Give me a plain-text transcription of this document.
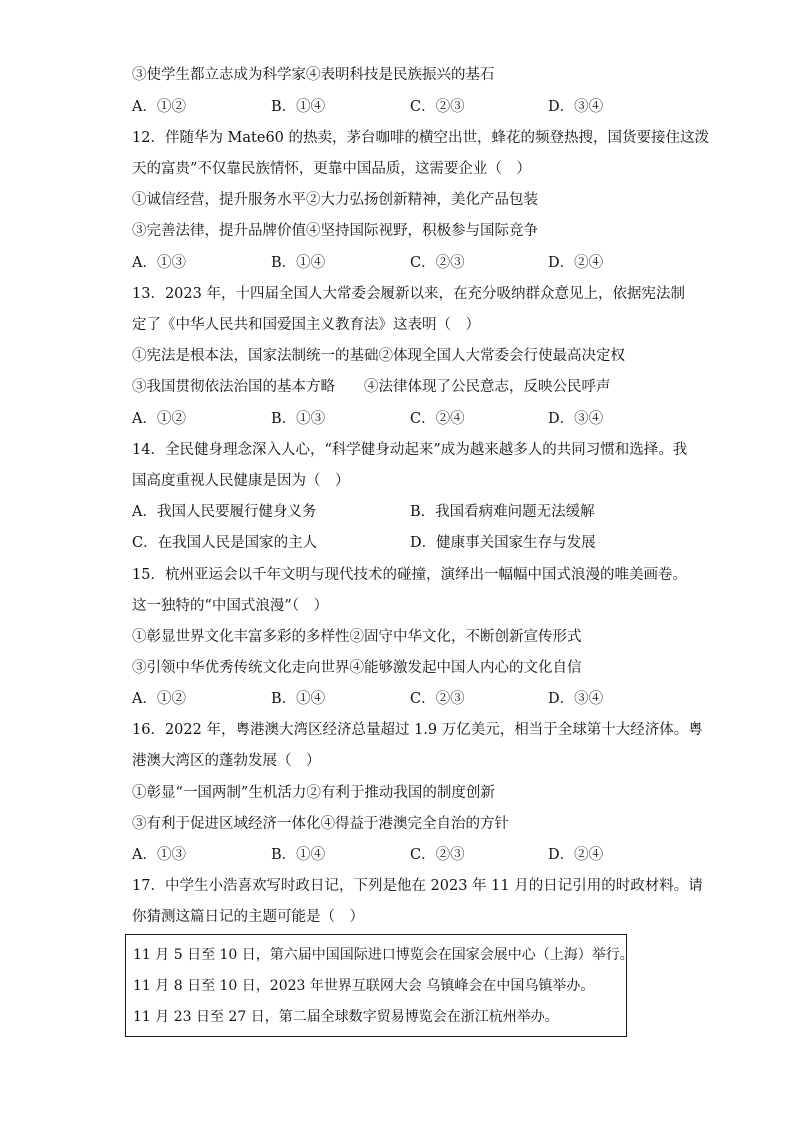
③使学生都立志成为科学家④表明科技是民族振兴的基石
A．①②	B．①④	C．②③	D．③④
12．伴随华为 Mate60 的热卖，茅台咖啡的横空出世，蜂花的频登热搜，国货要接住这泼
天的富贵”不仅靠民族情怀，更靠中国品质，这需要企业（　）
①诚信经营，提升服务水平②大力弘扬创新精神，美化产品包装
③完善法律，提升品牌价值④坚持国际视野，积极参与国际竞争
A．①③	B．①④	C．②③	D．②④
13．2023 年，十四届全国人大常委会履新以来，在充分吸纳群众意见上，依据宪法制
定了《中华人民共和国爱国主义教育法》这表明（　）
①宪法是根本法，国家法制统一的基础②体现全国人大常委会行使最高决定权
③我国贯彻依法治国的基本方略　　④法律体现了公民意志，反映公民呼声
A．①②	B．①③	C．②④	D．③④
14．全民健身理念深入人心，“科学健身动起来”成为越来越多人的共同习惯和选择。我
国高度重视人民健康是因为（　）
A．我国人民要履行健身义务	B．我国看病难问题无法缓解
C．在我国人民是国家的主人	D．健康事关国家生存与发展
15．杭州亚运会以千年文明与现代技术的碰撞，演绎出一幅幅中国式浪漫的唯美画卷。
这一独特的“中国式浪漫”（　）
①彰显世界文化丰富多彩的多样性②固守中华文化，不断创新宣传形式
③引领中华优秀传统文化走向世界④能够激发起中国人内心的文化自信
A．①②	B．①④	C．②③	D．③④
16．2022 年，粤港澳大湾区经济总量超过 1.9 万亿美元，相当于全球第十大经济体。粤
港澳大湾区的蓬勃发展（　）
①彰显“一国两制”生机活力②有利于推动我国的制度创新
③有利于促进区域经济一体化④得益于港澳完全自治的方针
A．①③	B．①④	C．②③	D．②④
17．中学生小浩喜欢写时政日记，下列是他在 2023 年 11 月的日记引用的时政材料。请
你猜测这篇日记的主题可能是（　）
11 月 5 日至 10 日，第六届中国国际进口博览会在国家会展中心（上海）举行。
11 月 8 日至 10 日，2023 年世界互联网大会 乌镇峰会在中国乌镇举办。
11 月 23 日至 27 日，第二届全球数字贸易博览会在浙江杭州举办。
